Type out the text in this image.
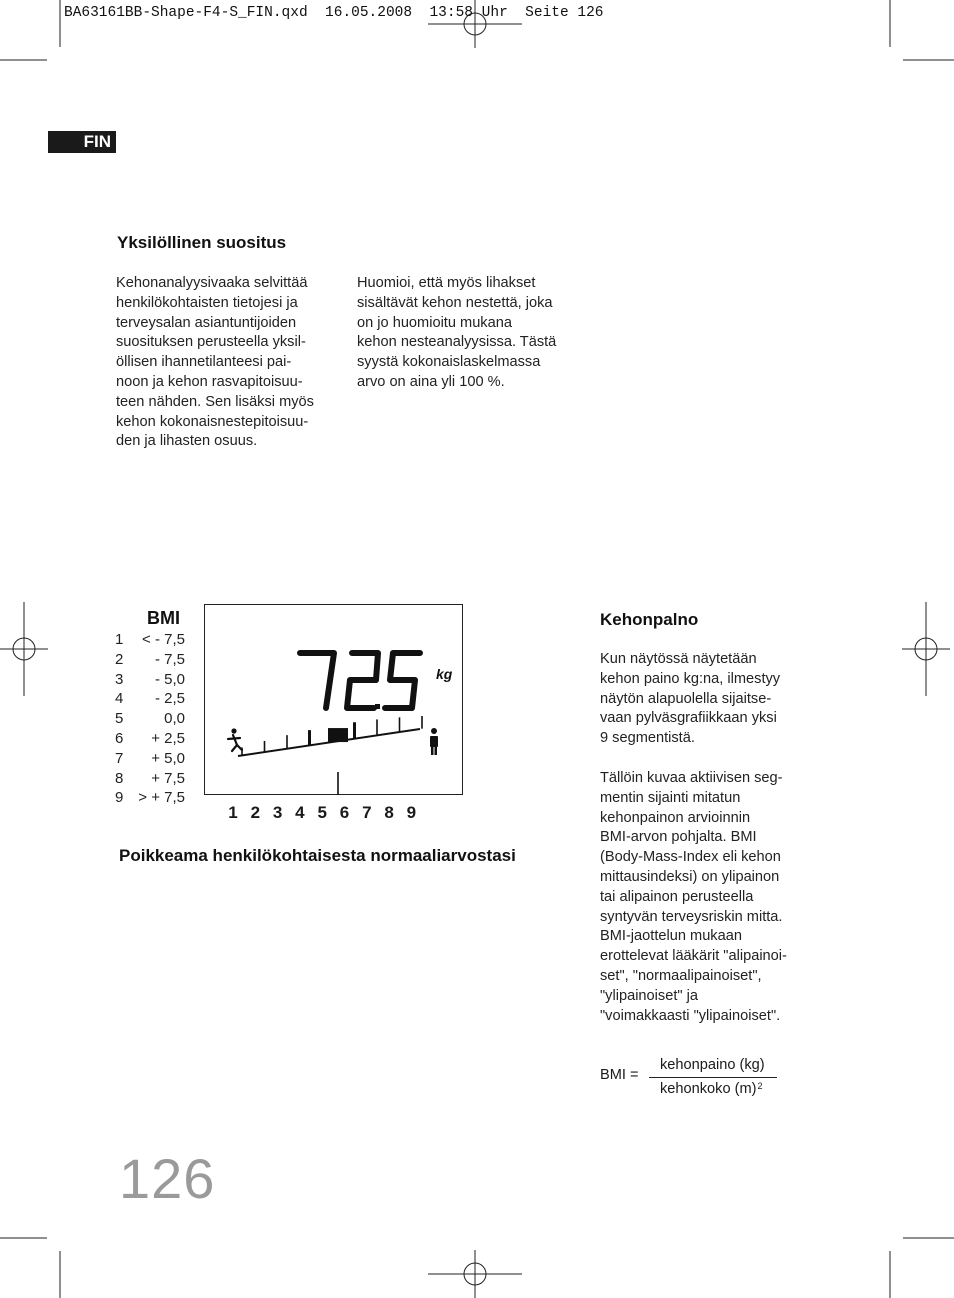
BA63161BB-Shape-F4-S_FIN.qxd  16.05.2008  13:58 Uhr  Seite 126
FIN
Yksilöllinen suositus
Kehonanalyysivaaka selvittää
henkilökohtaisten tietojesi ja
terveysalan asiantuntijoiden
suosituksen perusteella yksil-
öllisen ihannetilanteesi pai-
noon ja kehon rasvapitoisuu-
teen nähden. Sen lisäksi myös
kehon kokonaisnestepitoisuu-
den ja lihasten osuus.
Huomioi, että myös lihakset
sisältävät kehon nestettä, joka
on jo huomioitu mukana
kehon nesteanalyysissa. Tästä
syystä kokonaislaskelmassa
arvo on aina yli 100 %.
BMI
1 < - 7,5
2 - 7,5
3 - 5,0
4 - 2,5
5	0,0
6 + 2,5
7 + 5,0
8 + 7,5
9 > + 7,5
kg
1 2 3 4 5 6 7 8 9
Poikkeama henkilökohtaisesta normaaliarvostasi
Kehonpalno
Kun näytössä näytetään
kehon paino kg:na, ilmestyy
näytön alapuolella sijaitse-
vaan pylväsgrafiikkaan yksi
9 segmentistä.
Tällöin kuvaa aktiivisen seg-
mentin sijainti mitatun
kehonpainon arvioinnin
BMI-arvon pohjalta. BMI
(Body-Mass-Index eli kehon
mittausindeksi) on ylipainon
tai alipainon perusteella
syntyvän terveysriskin mitta.
BMI-jaottelun mukaan
erottelevat lääkärit "alipainoi-
set", "normaalipainoiset",
"ylipainoiset" ja
"voimakkaasti "ylipainoiset".
BMI =
kehonpaino (kg)
kehonkoko $(m)^2$
126
